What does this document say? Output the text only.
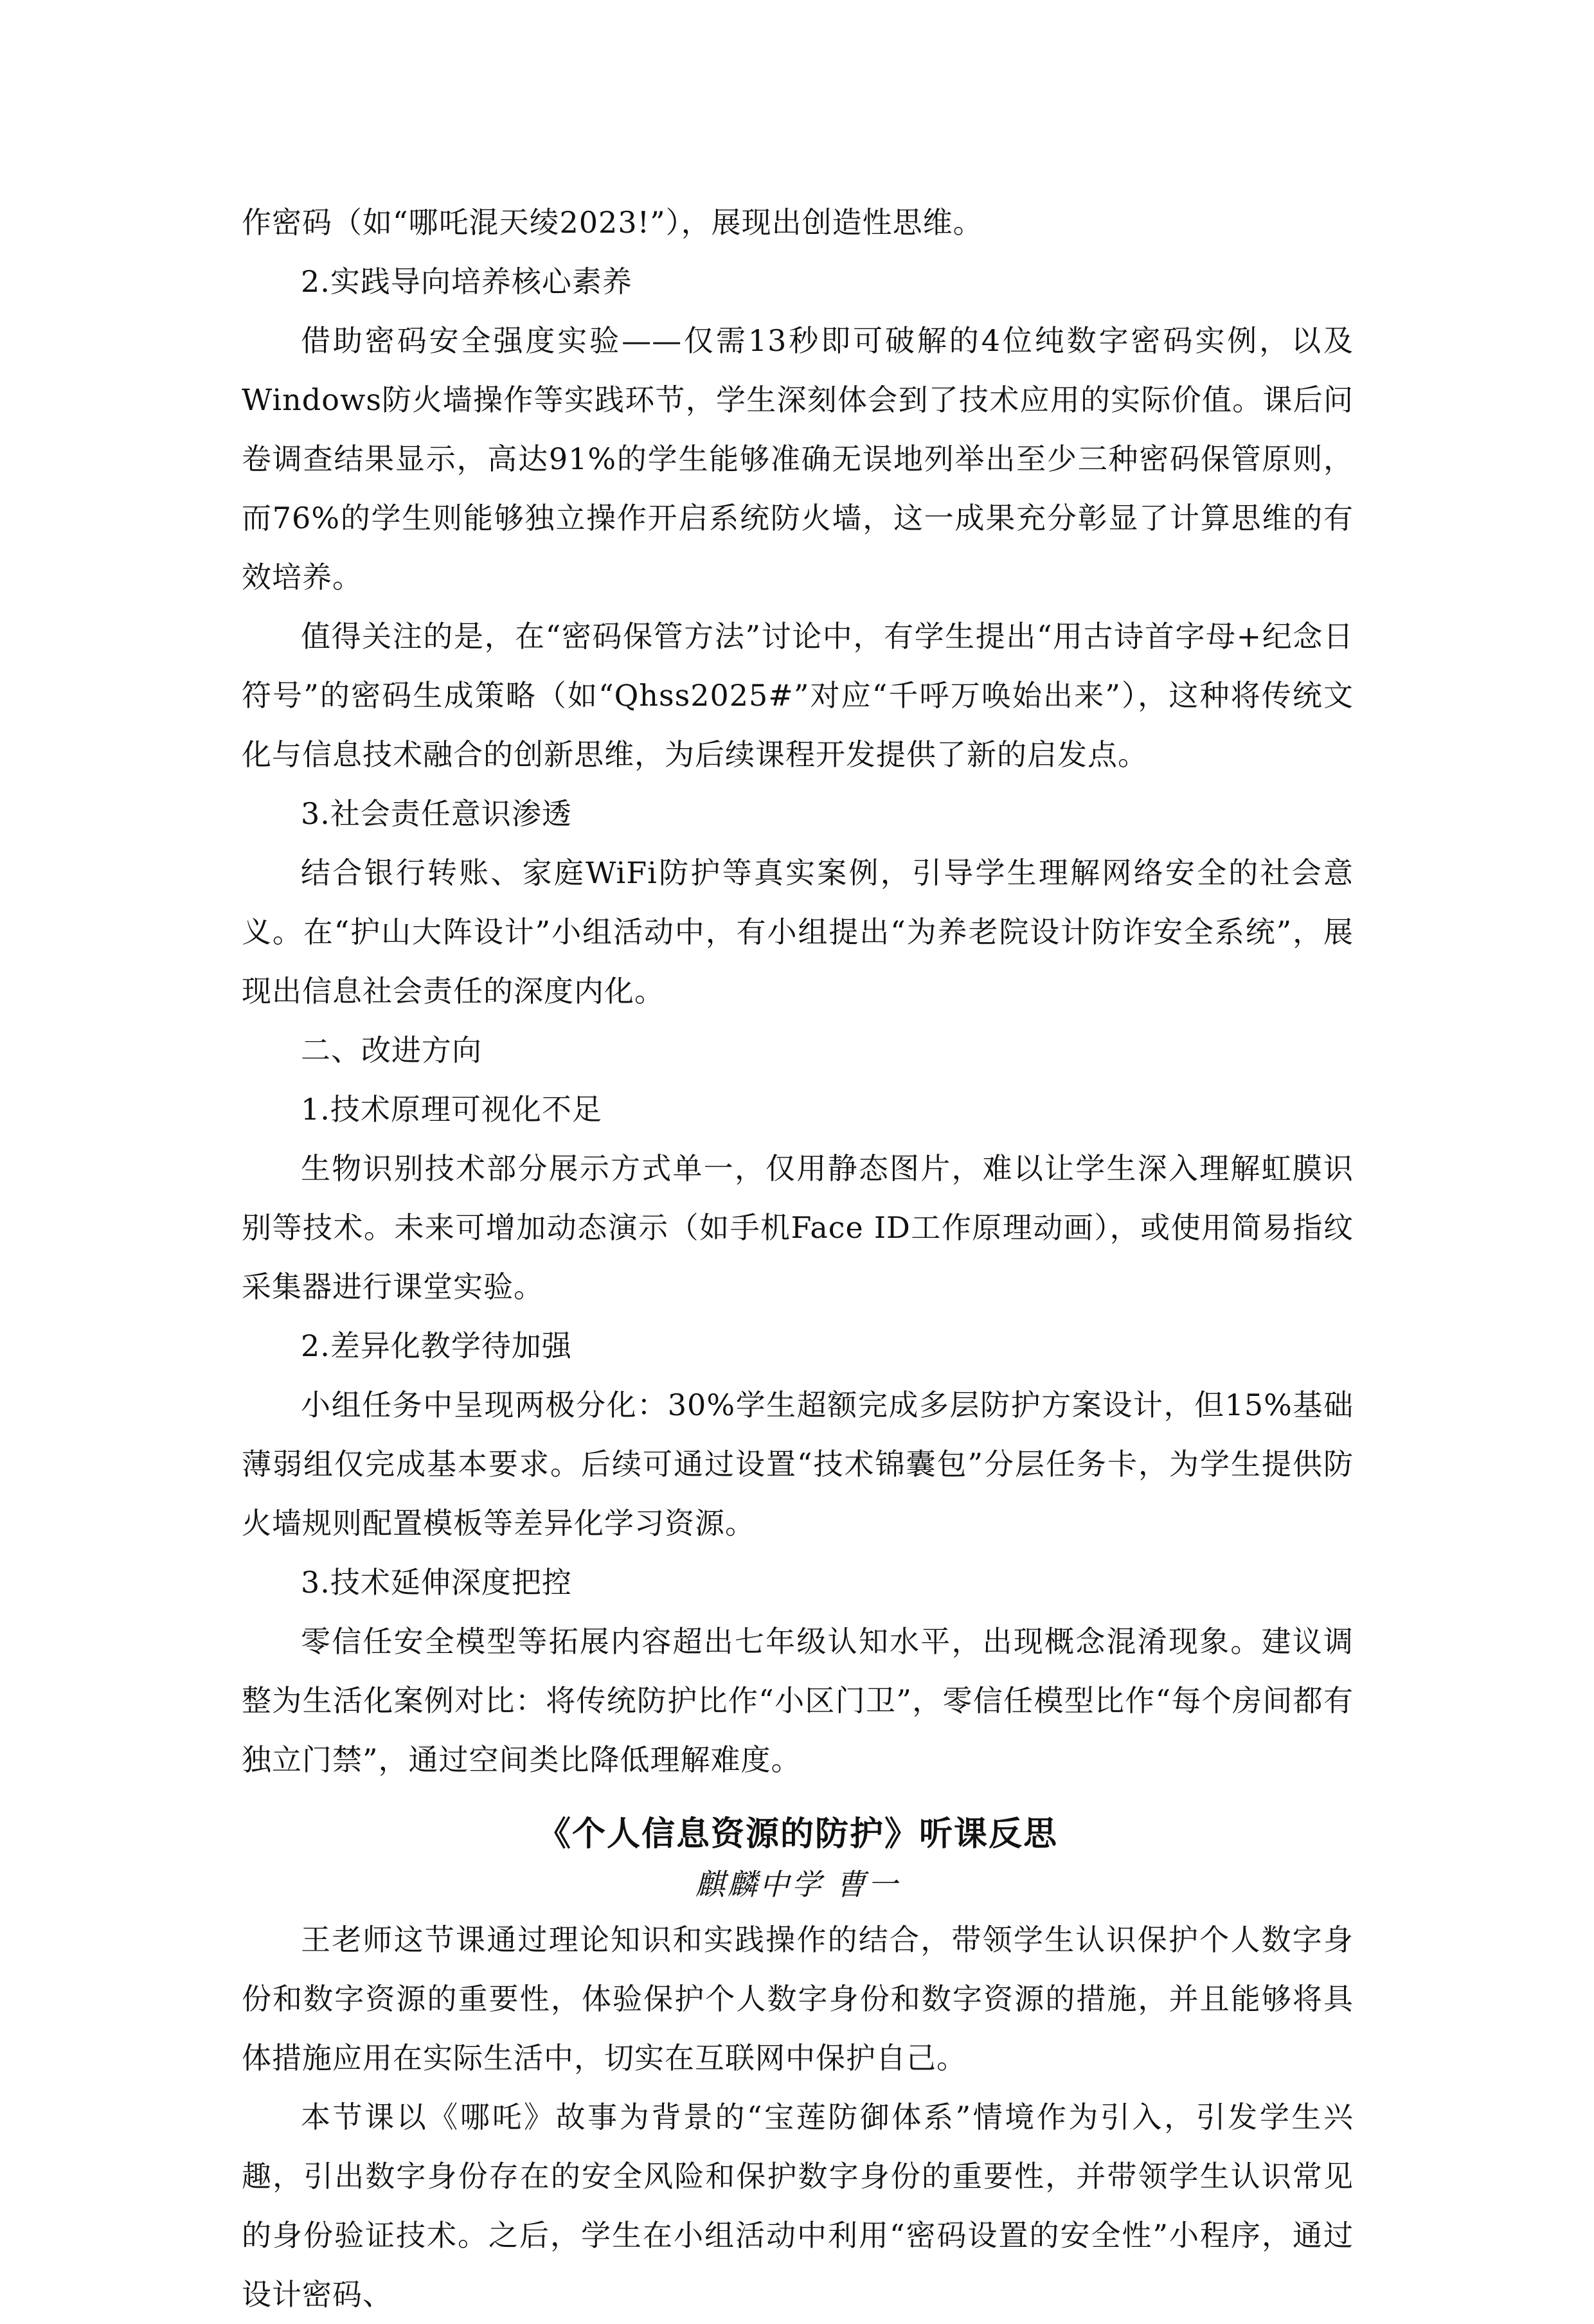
作密码（如“哪吒混天绫2023!”），展现出创造性思维。

2.实践导向培养核心素养

借助密码安全强度实验——仅需13秒即可破解的4位纯数字密码实例，以及Windows防火墙操作等实践环节，学生深刻体会到了技术应用的实际价值。课后问卷调查结果显示，高达91%的学生能够准确无误地列举出至少三种密码保管原则，而76%的学生则能够独立操作开启系统防火墙，这一成果充分彰显了计算思维的有效培养。

值得关注的是，在“密码保管方法”讨论中，有学生提出“用古诗首字母+纪念日符号”的密码生成策略（如“Qhss2025#”对应“千呼万唤始出来”），这种将传统文化与信息技术融合的创新思维，为后续课程开发提供了新的启发点。

3.社会责任意识渗透

结合银行转账、家庭WiFi防护等真实案例，引导学生理解网络安全的社会意义。在“护山大阵设计”小组活动中，有小组提出“为养老院设计防诈安全系统”，展现出信息社会责任的深度内化。

二、改进方向

1.技术原理可视化不足

生物识别技术部分展示方式单一，仅用静态图片，难以让学生深入理解虹膜识别等技术。未来可增加动态演示（如手机Face ID工作原理动画），或使用简易指纹采集器进行课堂实验。

2.差异化教学待加强

小组任务中呈现两极分化：30%学生超额完成多层防护方案设计，但15%基础薄弱组仅完成基本要求。后续可通过设置“技术锦囊包”分层任务卡，为学生提供防火墙规则配置模板等差异化学习资源。

3.技术延伸深度把控

零信任安全模型等拓展内容超出七年级认知水平，出现概念混淆现象。建议调整为生活化案例对比：将传统防护比作“小区门卫”，零信任模型比作“每个房间都有独立门禁”，通过空间类比降低理解难度。

《个人信息资源的防护》听课反思

麒麟中学 曹一

王老师这节课通过理论知识和实践操作的结合，带领学生认识保护个人数字身份和数字资源的重要性，体验保护个人数字身份和数字资源的措施，并且能够将具体措施应用在实际生活中，切实在互联网中保护自己。

本节课以《哪吒》故事为背景的“宝莲防御体系”情境作为引入，引发学生兴趣，引出数字身份存在的安全风险和保护数字身份的重要性，并带领学生认识常见的身份验证技术。之后，学生在小组活动中利用“密码设置的安全性”小程序，通过设计密码、
